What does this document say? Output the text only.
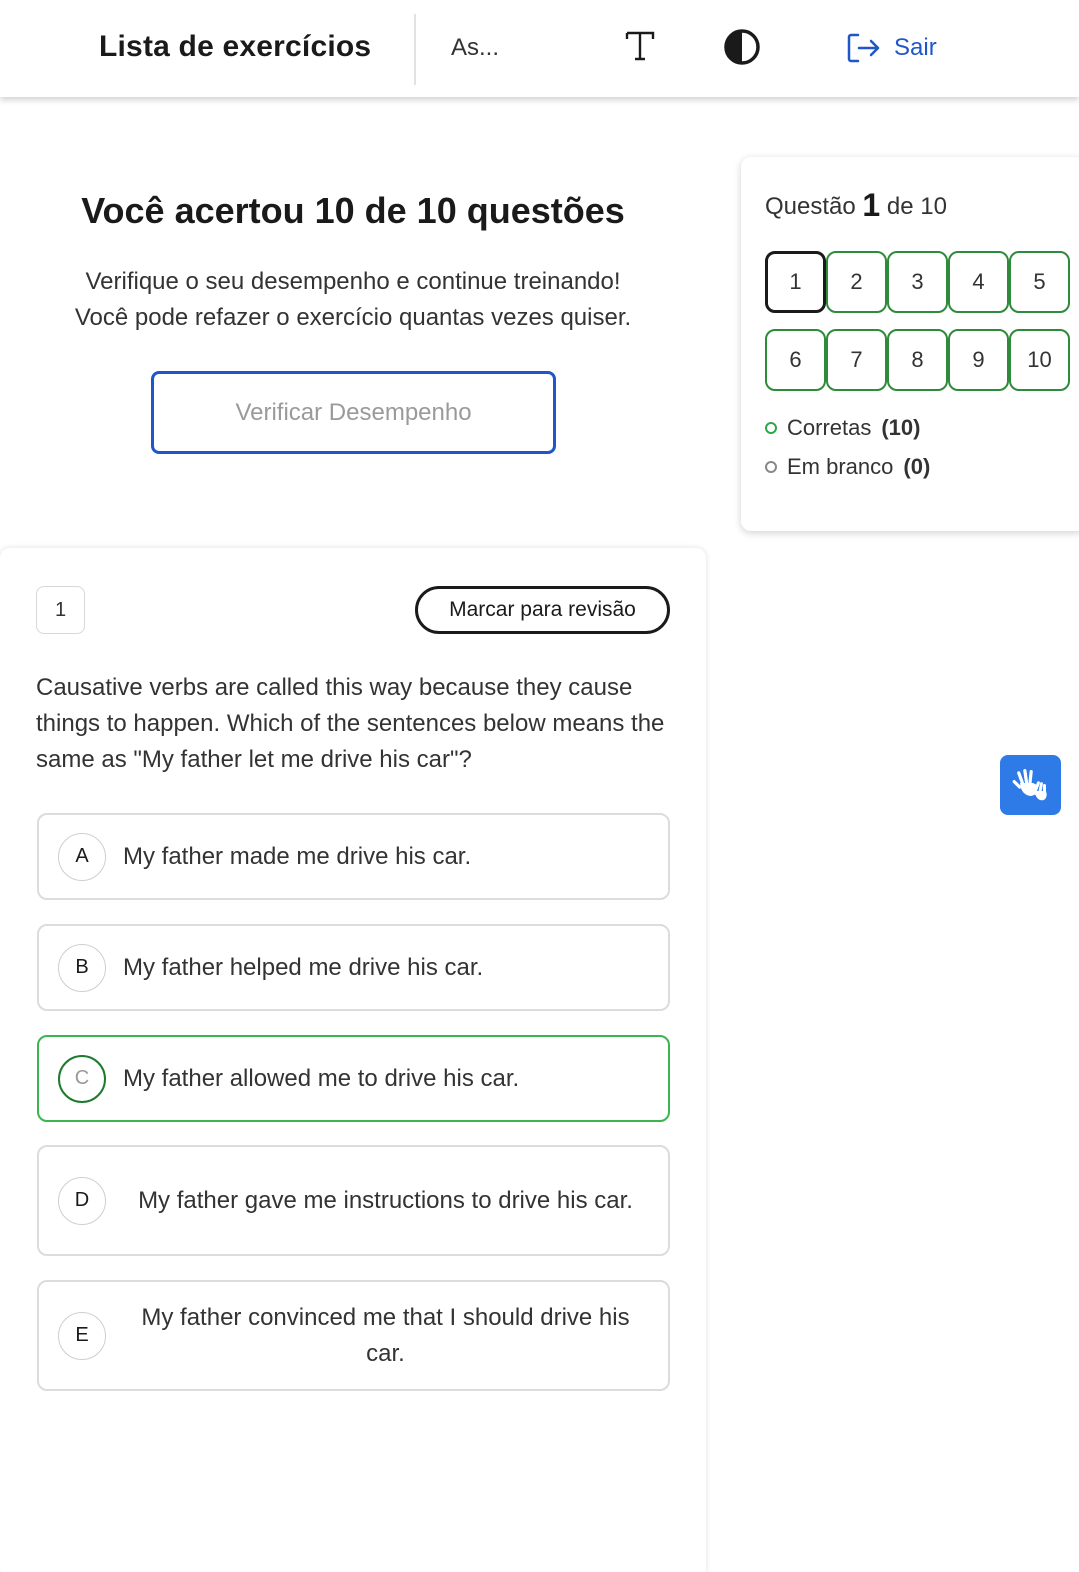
Lista de exercícios	As...	Sair
Você acertou 10 de 10 questões
Verifique o seu desempenho e continue treinando!
Você pode refazer o exercício quantas vezes quiser.
Verificar Desempenho
Questão 1 de 10
1	2	3	4	5
6	7	8	9	10
Corretas (10)
Em branco (0)
1	Marcar para revisão
Causative verbs are called this way because they cause things to happen. Which of the sentences below means the same as "My father let me drive his car"?
A	My father made me drive his car.
B	My father helped me drive his car.
C	My father allowed me to drive his car.
D	My father gave me instructions to drive his car.
E
My father convinced me that I should drive his car.
